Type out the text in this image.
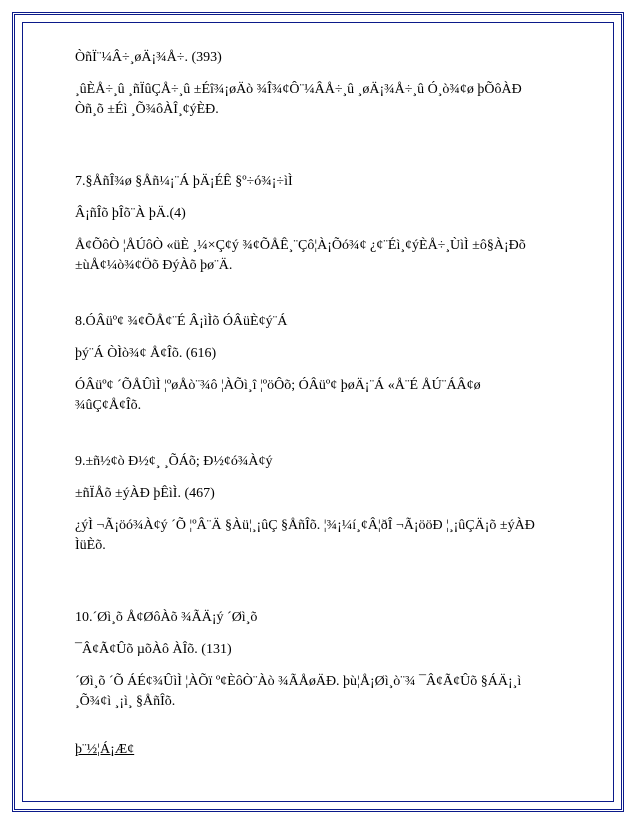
ÒñÏ¨¼Â÷¸øÄ¡¾Å÷. (393)

¸ûÈÅ÷¸û ¸ñÏûÇÅ÷¸û ±Éî¾¡øÄò ¾Î¾¢Ô¨¼ÂÅ÷¸û ¸øÄ¡¾Å÷¸û Ó¸ò¾¢ø þÕôÀÐ

Òñ¸õ ±Éì ¸Õ¾ôÀÎ¸¢ýÈÐ.

7.§ÅñÎ¾ø §Åñ¼¡¨Á þÄ¡ÉÊ §º÷ó¾¡÷ìÌ

Â¡ñÎõ þÎõ¨À þÄ.(4)

Å¢ÕôÒ ¦ÅÚôÒ «üÈ ¸¼×Ç¢ý ¾¢ÕÅÊ¸¨Çô¦À¡Õó¾¢ ¿¢¨Éì¸¢ýÈÅ÷¸ÙìÌ ±ô§À¡Ðõ

±ùÅ¢¼ò¾¢Öõ ÐýÀõ þø¨Ä.

8.ÓÂüº¢ ¾¢ÕÅ¢¨É Â¡ìÌõ ÓÂüÈ¢ý¨Á

þý¨Á ÒÌò¾¢ Å¢Îõ. (616)

ÓÂüº¢ ´ÕÅÛìÌ ¦ºøÅò¨¾ô ¦ÀÕì¸î ¦ºöÔõ; ÓÂüº¢ þøÄ¡¨Á «Å¨É ÅÚ¨ÁÂ¢ø

¾ûÇ¢Å¢Îõ.

9.±ñ½¢ò Ð½¢¸ ¸ÕÁõ; Ð½¢ó¾À¢ý

±ñÏÅõ ±ýÀÐ þÊìÌ. (467)

¿ýÌ ¬Ã¡öó¾À¢ý ´Õ ¦ºÂ¨Ä §Àü¦¸¡ûÇ §ÅñÎõ. ¦¾¡¼í¸¢Â¦ðÎ ¬Ã¡ööÐ ¦¸¡ûÇÄ¡õ ±ýÀÐ

ÌüÈõ.

10.´Øì¸õ Å¢ØôÀõ ¾ÃÄ¡ý ´Øì¸õ

¯Â¢Ã¢Ûõ µõÀô ÀÎõ. (131)

´Øì¸õ ´Õ ÁÉ¢¾ÛìÌ ¦ÀÕï º¢ÈôÒ¨Àò ¾ÃÅøÄÐ. þù¦Å¡Øì¸ò¨¾ ¯Â¢Ã¢Ûõ §ÁÄ¡¸ì

¸Õ¾¢ì ¸¡ì¸ §ÅñÎõ.

þ¨½¦Á¡Æ¢
